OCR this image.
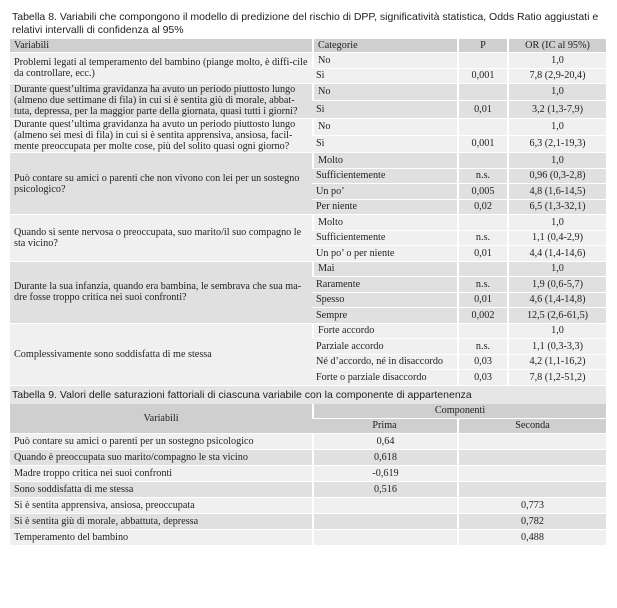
Tabella 8. Variabili che compongono il modello di predizione del rischio di DPP, significatività statistica, Odds Ratio aggiustati e relativi intervalli di confidenza al 95%
Variabili	Categorie	P	OR (IC al 95%)
Problemi legati al temperamento del bambino (piange molto, è diffi-cile da controllare, ecc.)	No		1,0
	Sì	0,001	7,8 (2,9-20,4)
Durante quest’ultima gravidanza ha avuto un periodo piuttosto lungo (almeno due settimane di fila) in cui si è sentita giù di morale, abbat-tuta, depressa, per la maggior parte della giornata, quasi tutti i giorni?	No		1,0
	Sì	0,01	3,2 (1,3-7,9)
Durante quest’ultima gravidanza ha avuto un periodo piuttosto lungo (almeno sei mesi di fila) in cui si è sentita apprensiva, ansiosa, facil-mente preoccupata per molte cose, più del solito quasi ogni giorno?	No		1,0
	Sì	0,001	6,3 (2,1-19,3)
Può contare su amici o parenti che non vivono con lei per un sostegno psicologico?	Molto		1,0
	Sufficientemente	n.s.	0,96 (0,3-2,8)
	Un po’	0,005	4,8 (1,6-14,5)
	Per niente	0,02	6,5 (1,3-32,1)
Quando si sente nervosa o preoccupata, suo marito/il suo compagno le sta vicino?	Molto		1,0
	Sufficientemente	n.s.	1,1 (0,4-2,9)
	Un po’ o per niente	0,01	4,4 (1,4-14,6)
Durante la sua infanzia, quando era bambina, le sembrava che sua ma-dre fosse troppo critica nei suoi confronti?	Mai		1,0
	Raramente	n.s.	1,9 (0,6-5,7)
	Spesso	0,01	4,6 (1,4-14,8)
	Sempre	0,002	12,5 (2,6-61,5)
Complessivamente sono soddisfatta di me stessa	Forte accordo		1,0
	Parziale accordo	n.s.	1,1 (0,3-3,3)
	Né d’accordo, né in disaccordo	0,03	4,2 (1,1-16,2)
	Forte o parziale disaccordo	0,03	7,8 (1,2-51,2)
Tabella 9. Valori delle saturazioni fattoriali di ciascuna variabile con la componente di appartenenza
Variabili	Componenti	
	Prima	Seconda
Può contare su amici o parenti per un sostegno psicologico	0,64	
Quando è preoccupata suo marito/compagno le sta vicino	0,618	
Madre troppo critica nei suoi confronti	-0,619	
Sono soddisfatta di me stessa	0,516	
Si è sentita apprensiva, ansiosa, preoccupata		0,773
Si è sentita giù di morale, abbattuta, depressa		0,782
Temperamento del bambino		0,488
